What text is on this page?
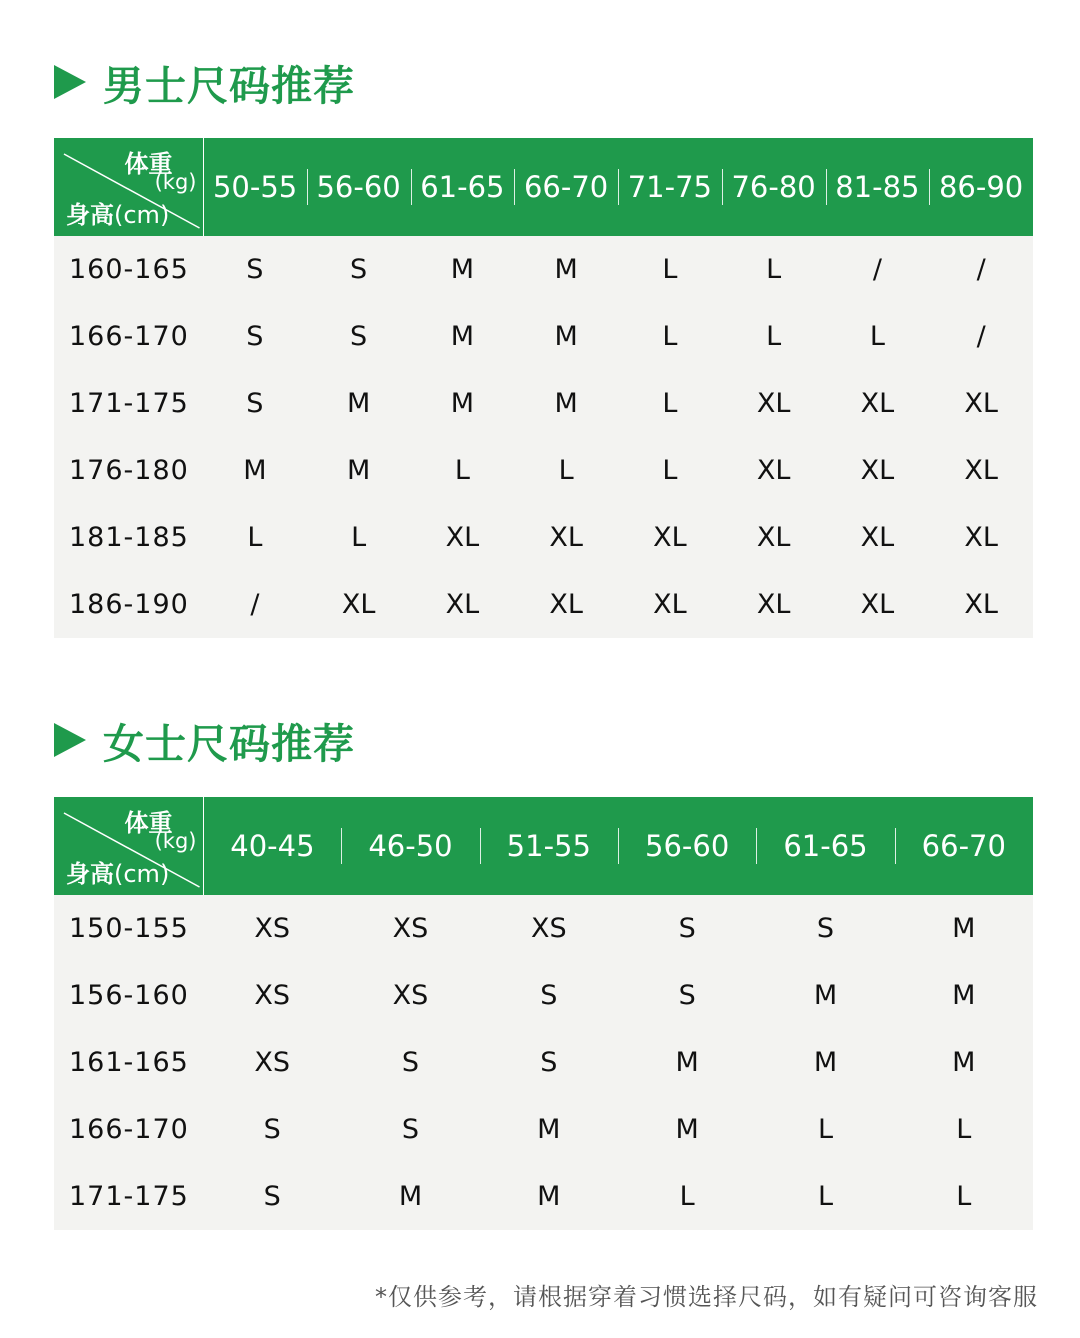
男士尺码推荐
体重
(kg)
身高(cm)	50-55	56-60	61-65	66-70	71-75	76-80	81-85	86-90
160-165	S	S	M	M	L	L	/	/
166-170	S	S	M	M	L	L	L	/
171-175	S	M	M	M	L	XL	XL	XL
176-180	M	M	L	L	L	XL	XL	XL
181-185	L	L	XL	XL	XL	XL	XL	XL
186-190	/	XL	XL	XL	XL	XL	XL	XL
女士尺码推荐
体重
(kg)
身高(cm)	40-45	46-50	51-55	56-60	61-65	66-70
150-155	XS	XS	XS	S	S	M
156-160	XS	XS	S	S	M	M
161-165	XS	S	S	M	M	M
166-170	S	S	M	M	L	L
171-175	S	M	M	L	L	L
*仅供参考，请根据穿着习惯选择尺码，如有疑问可咨询客服
